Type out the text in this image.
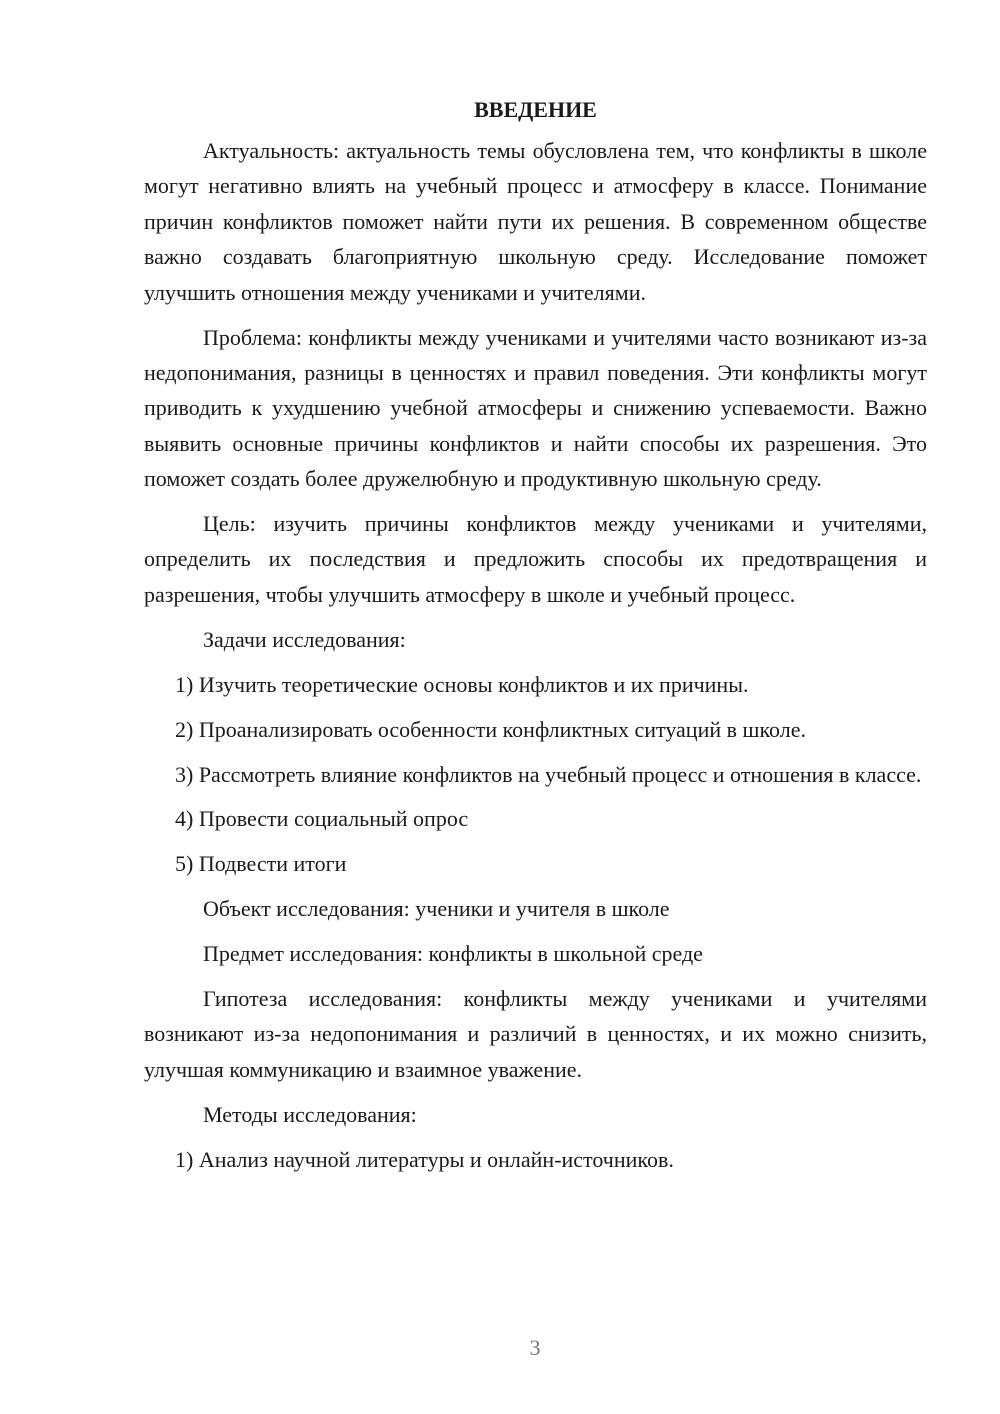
ВВЕДЕНИЕ
Актуальность: актуальность темы обусловлена тем, что конфликты в школе могут негативно влиять на учебный процесс и атмосферу в классе. Понимание причин конфликтов поможет найти пути их решения. В современном обществе важно создавать благоприятную школьную среду. Исследование поможет улучшить отношения между учениками и учителями.
Проблема: конфликты между учениками и учителями часто возникают из-за недопонимания, разницы в ценностях и правил поведения. Эти конфликты могут приводить к ухудшению учебной атмосферы и снижению успеваемости. Важно выявить основные причины конфликтов и найти способы их разрешения. Это поможет создать более дружелюбную и продуктивную школьную среду.
Цель: изучить причины конфликтов между учениками и учителями, определить их последствия и предложить способы их предотвращения и разрешения, чтобы улучшить атмосферу в школе и учебный процесс.
Задачи исследования:
1) Изучить теоретические основы конфликтов и их причины.
2) Проанализировать особенности конфликтных ситуаций в школе.
3) Рассмотреть влияние конфликтов на учебный процесс и отношения в классе.
4) Провести социальный опрос
5) Подвести итоги
Объект исследования: ученики и учителя в школе
Предмет исследования: конфликты в школьной среде
Гипотеза исследования: конфликты между учениками и учителями возникают из-за недопонимания и различий в ценностях, и их можно снизить, улучшая коммуникацию и взаимное уважение.
Методы исследования:
1) Анализ научной литературы и онлайн-источников.
3
